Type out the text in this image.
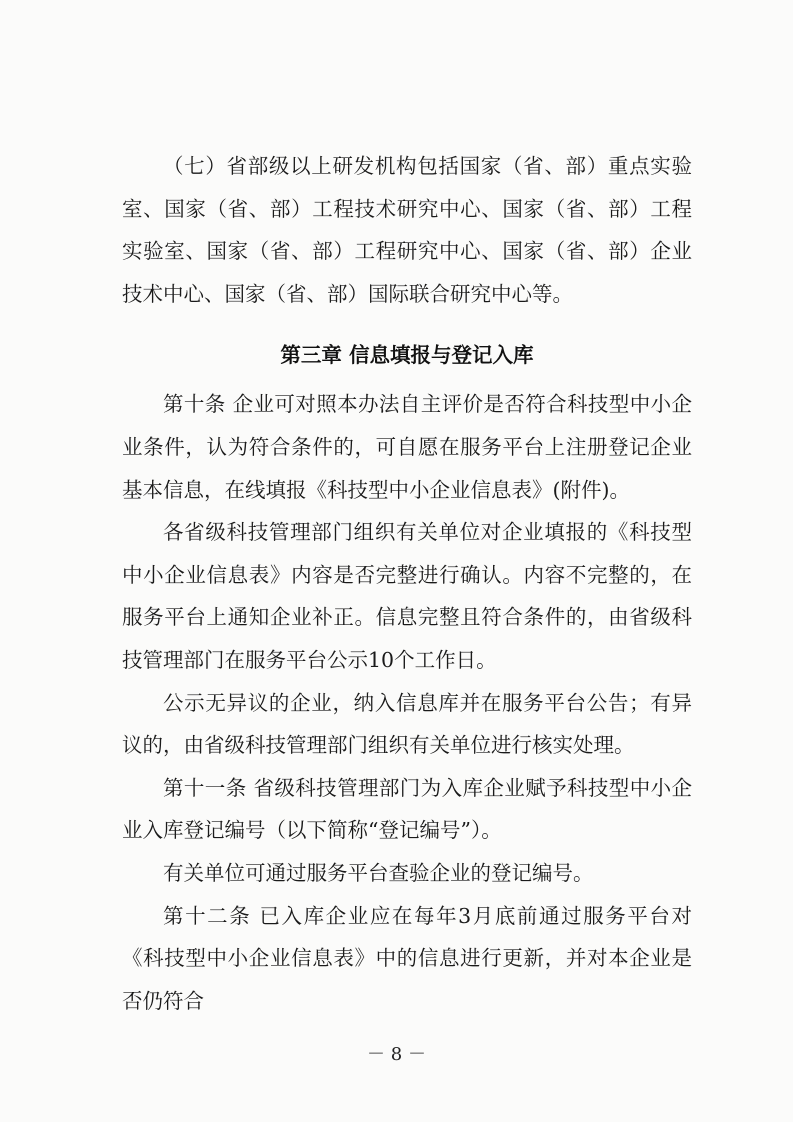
（七）省部级以上研发机构包括国家（省、部）重点实验室、国家（省、部）工程技术研究中心、国家（省、部）工程实验室、国家（省、部）工程研究中心、国家（省、部）企业技术中心、国家（省、部）国际联合研究中心等。

第三章 信息填报与登记入库

第十条 企业可对照本办法自主评价是否符合科技型中小企业条件，认为符合条件的，可自愿在服务平台上注册登记企业基本信息，在线填报《科技型中小企业信息表》(附件)。

各省级科技管理部门组织有关单位对企业填报的《科技型中小企业信息表》内容是否完整进行确认。内容不完整的，在服务平台上通知企业补正。信息完整且符合条件的，由省级科技管理部门在服务平台公示10个工作日。

公示无异议的企业，纳入信息库并在服务平台公告；有异议的，由省级科技管理部门组织有关单位进行核实处理。

第十一条 省级科技管理部门为入库企业赋予科技型中小企业入库登记编号（以下简称“登记编号”）。

有关单位可通过服务平台查验企业的登记编号。

第十二条 已入库企业应在每年3月底前通过服务平台对《科技型中小企业信息表》中的信息进行更新，并对本企业是否仍符合

－ 8 －
